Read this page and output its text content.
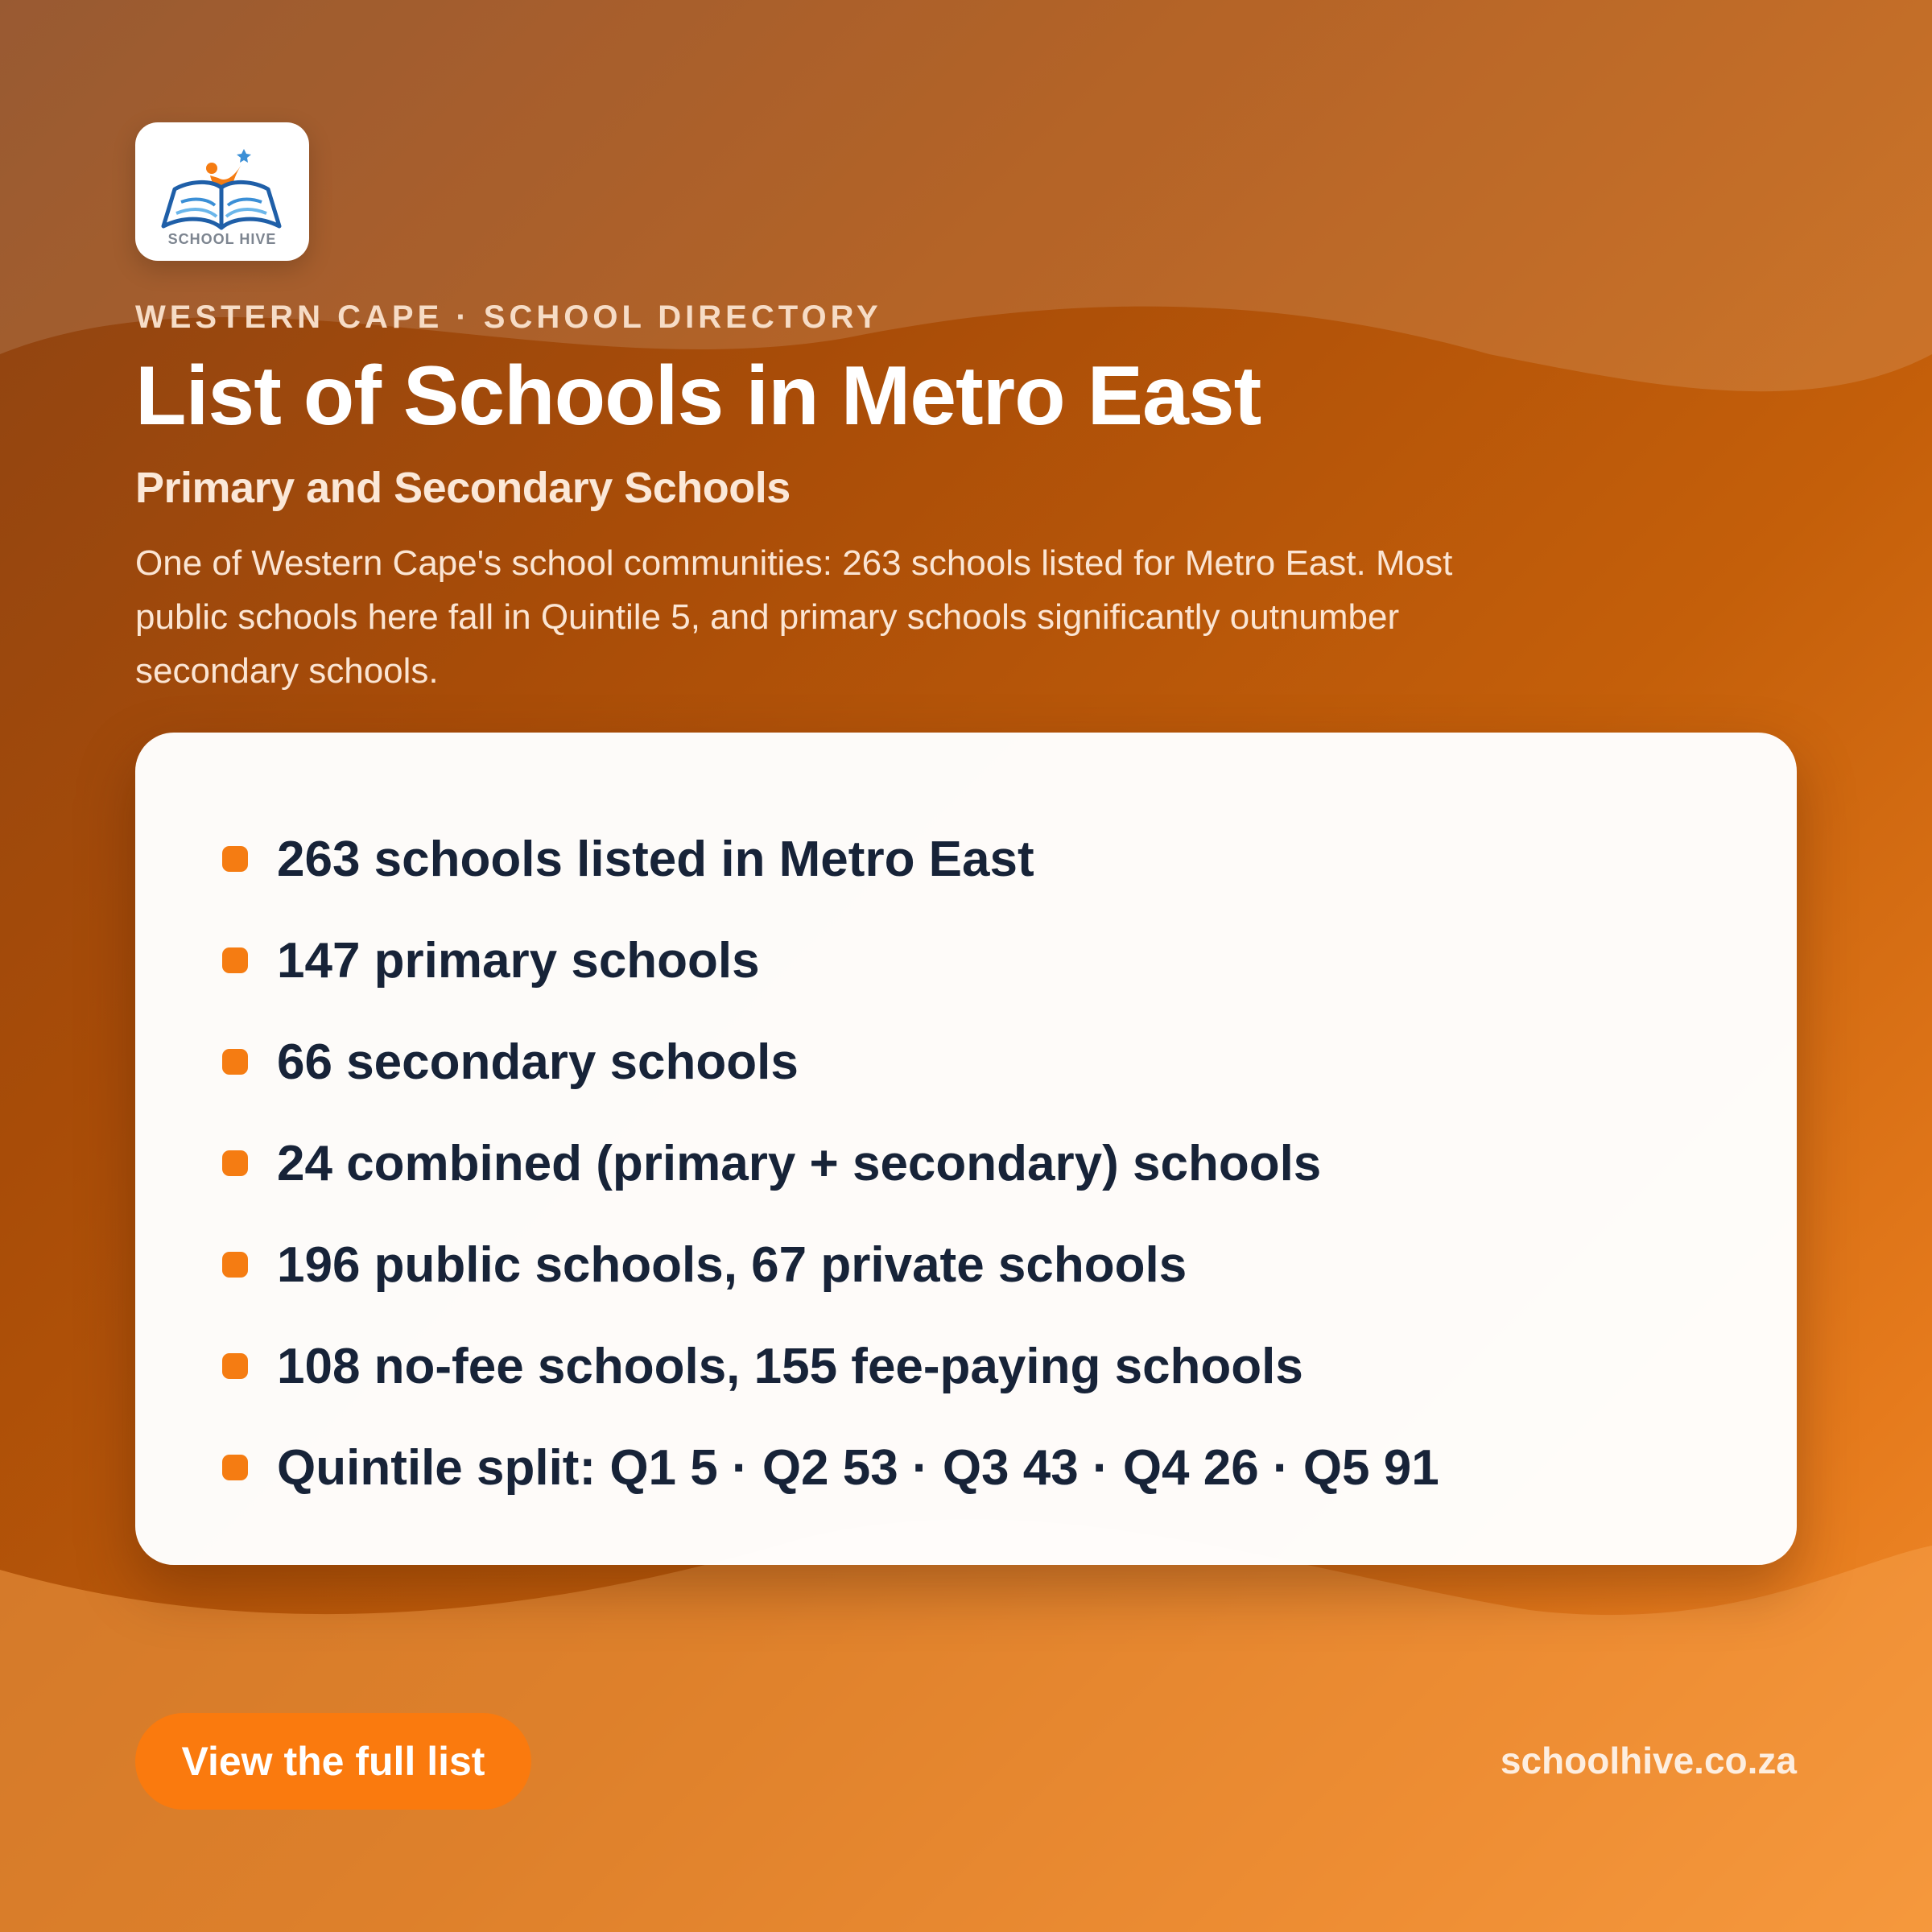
SCHOOL HIVE

WESTERN CAPE · SCHOOL DIRECTORY

List of Schools in Metro East
Primary and Secondary Schools

One of Western Cape's school communities: 263 schools listed for Metro East. Most public schools here fall in Quintile 5, and primary schools significantly outnumber secondary schools.

263 schools listed in Metro East
147 primary schools
66 secondary schools
24 combined (primary + secondary) schools
196 public schools, 67 private schools
108 no-fee schools, 155 fee-paying schools
Quintile split: Q1 5 · Q2 53 · Q3 43 · Q4 26 · Q5 91
View the full list	schoolhive.co.za
